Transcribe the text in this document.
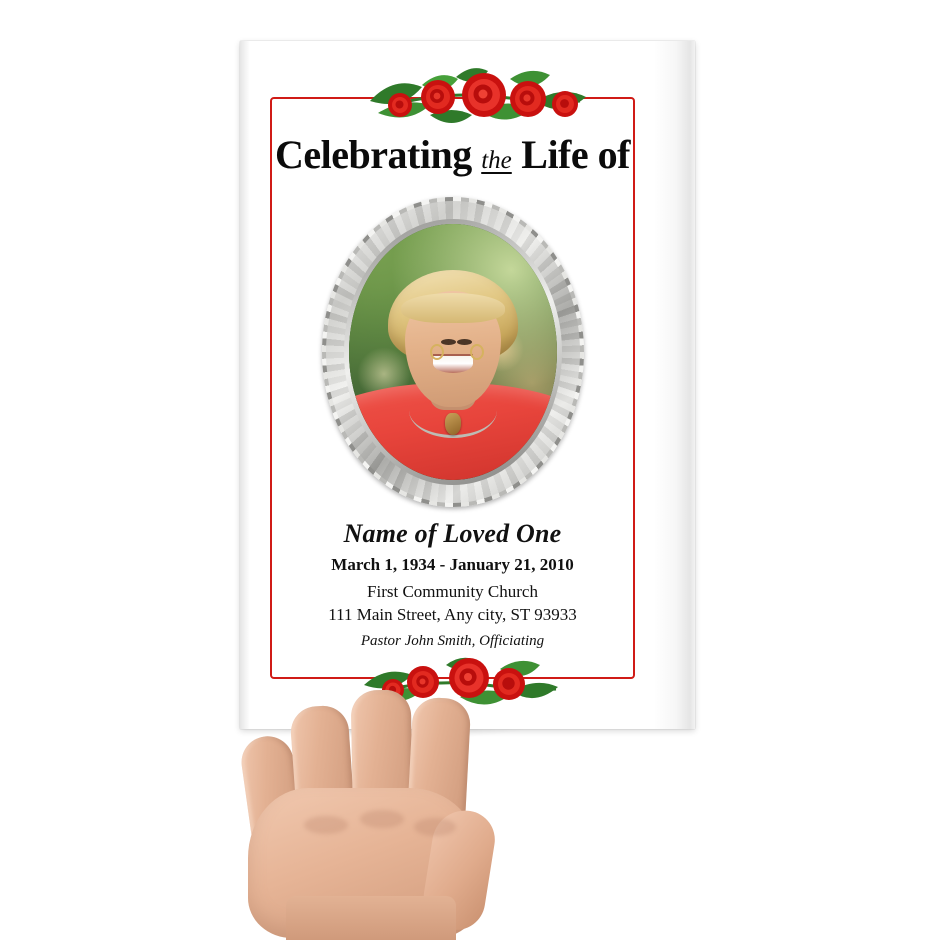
Celebrating the Life of
Name of Loved One
March 1, 1934 - January 21, 2010
First Community Church
111 Main Street, Any city, ST 93933
Pastor John Smith, Officiating
